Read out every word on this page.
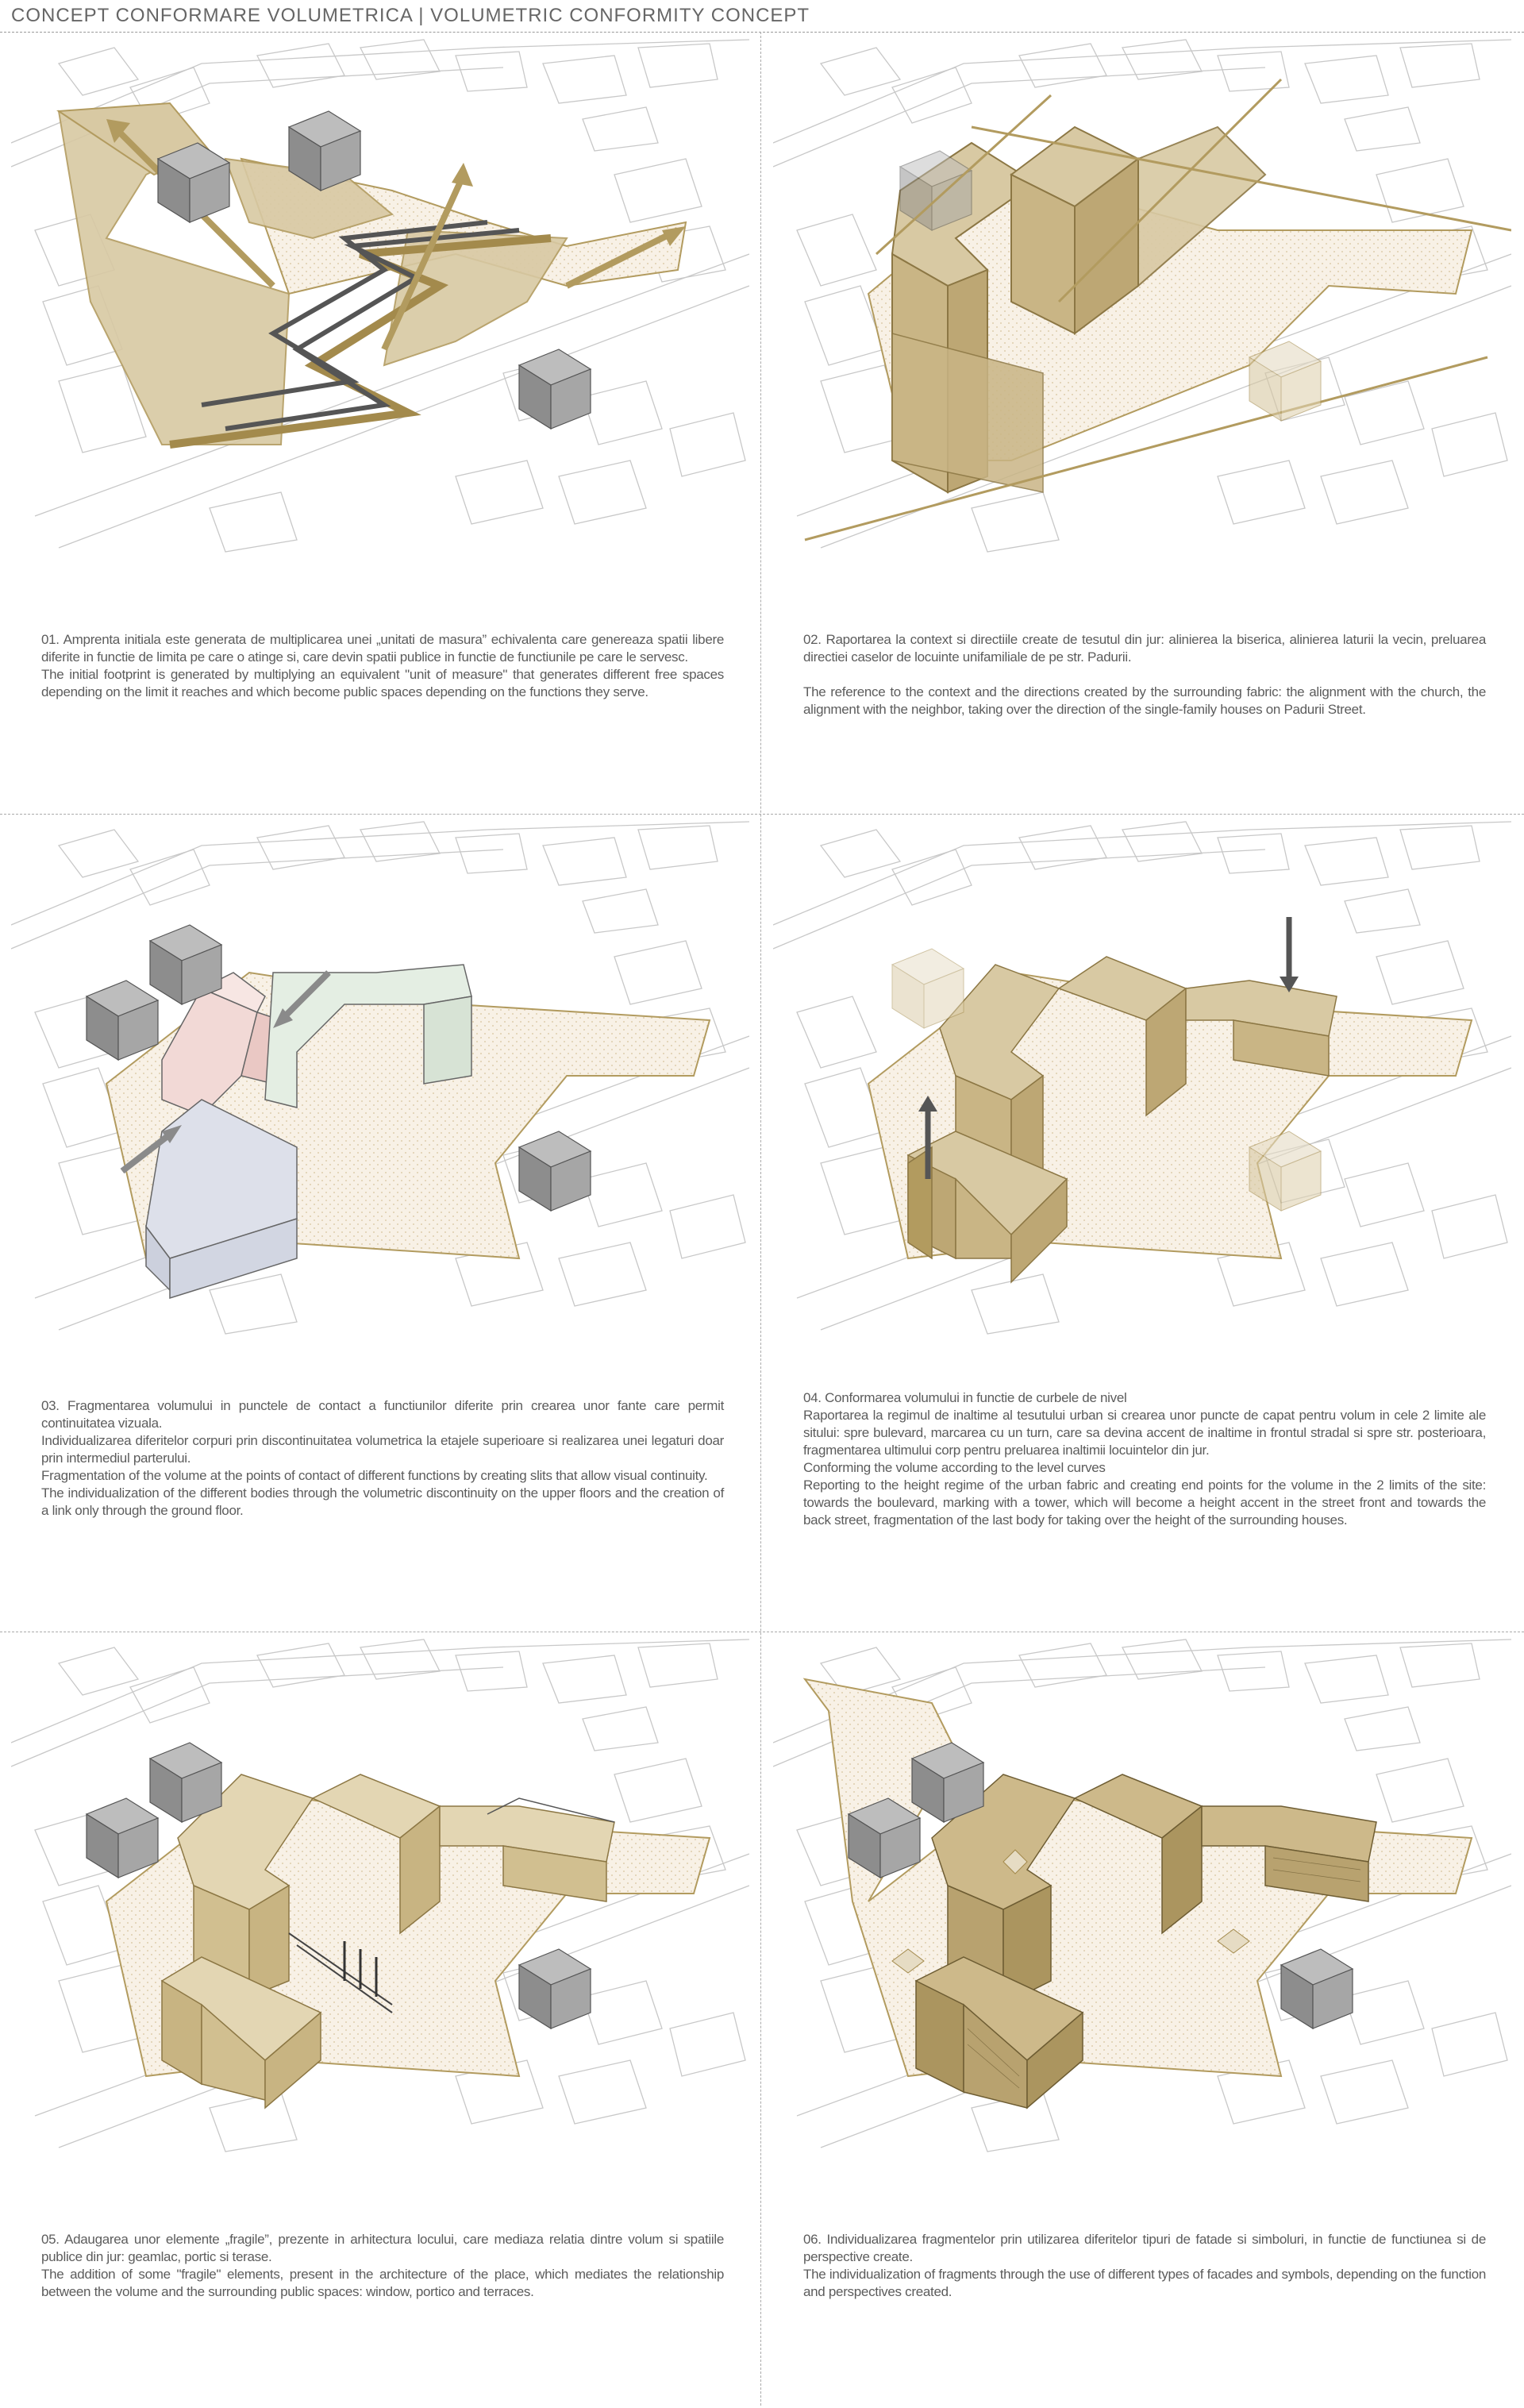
CONCEPT CONFORMARE VOLUMETRICA | VOLUMETRIC CONFORMITY CONCEPT

01. Amprenta initiala este generata de multiplicarea unei „unitati de masura” echivalenta care genereaza spatii libere diferite in functie de limita pe care o atinge si, care devin spatii publice in functie de functiunile pe care le servesc.

The initial footprint is generated by multiplying an equivalent "unit of measure" that generates different free spaces depending on the limit it reaches and which become public spaces depending on the functions they serve.

02. Raportarea la context si directiile create de tesutul din jur: alinierea la biserica, alinierea laturii la vecin, preluarea directiei caselor de locuinte unifamiliale de pe str. Padurii.

The reference to the context and the directions created by the surrounding fabric: the alignment with the church, the alignment with the neighbor, taking over the direction of the single-family houses on Padurii Street.

03. Fragmentarea volumului in punctele de contact a functiunilor diferite prin crearea unor fante care permit continuitatea vizuala.

Individualizarea diferitelor corpuri prin discontinuitatea volumetrica la etajele superioare si realizarea unei legaturi doar prin intermediul parterului.

Fragmentation of the volume at the points of contact of different functions by creating slits that allow visual continuity.

The individualization of the different bodies through the volumetric discontinuity on the upper floors and the creation of a link only through the ground floor.

04. Conformarea volumului in functie de curbele de nivel

Raportarea la regimul de inaltime al tesutului urban si crearea unor puncte de capat pentru volum in cele 2 limite ale sitului: spre bulevard, marcarea cu un turn, care sa devina accent de inaltime in frontul stradal si spre str. posterioara, fragmentarea ultimului corp pentru preluarea inaltimii locuintelor din jur.

Conforming the volume according to the level curves

Reporting to the height regime of the urban fabric and creating end points for the volume in the 2 limits of the site: towards the boulevard, marking with a tower, which will become a height accent in the street front and towards the back street, fragmentation of the last body for taking over the height of the surrounding houses.

05. Adaugarea unor elemente „fragile”, prezente in arhitectura locului, care mediaza relatia dintre volum si spatiile publice din jur: geamlac, portic si terase.

The addition of some "fragile" elements, present in the architecture of the place, which mediates the relationship between the volume and the surrounding public spaces: window, portico and terraces.

06. Individualizarea fragmentelor prin utilizarea diferitelor tipuri de fatade si simboluri, in functie de functiunea si de perspective create.

The individualization of fragments through the use of different types of facades and symbols, depending on the function and perspectives created.
